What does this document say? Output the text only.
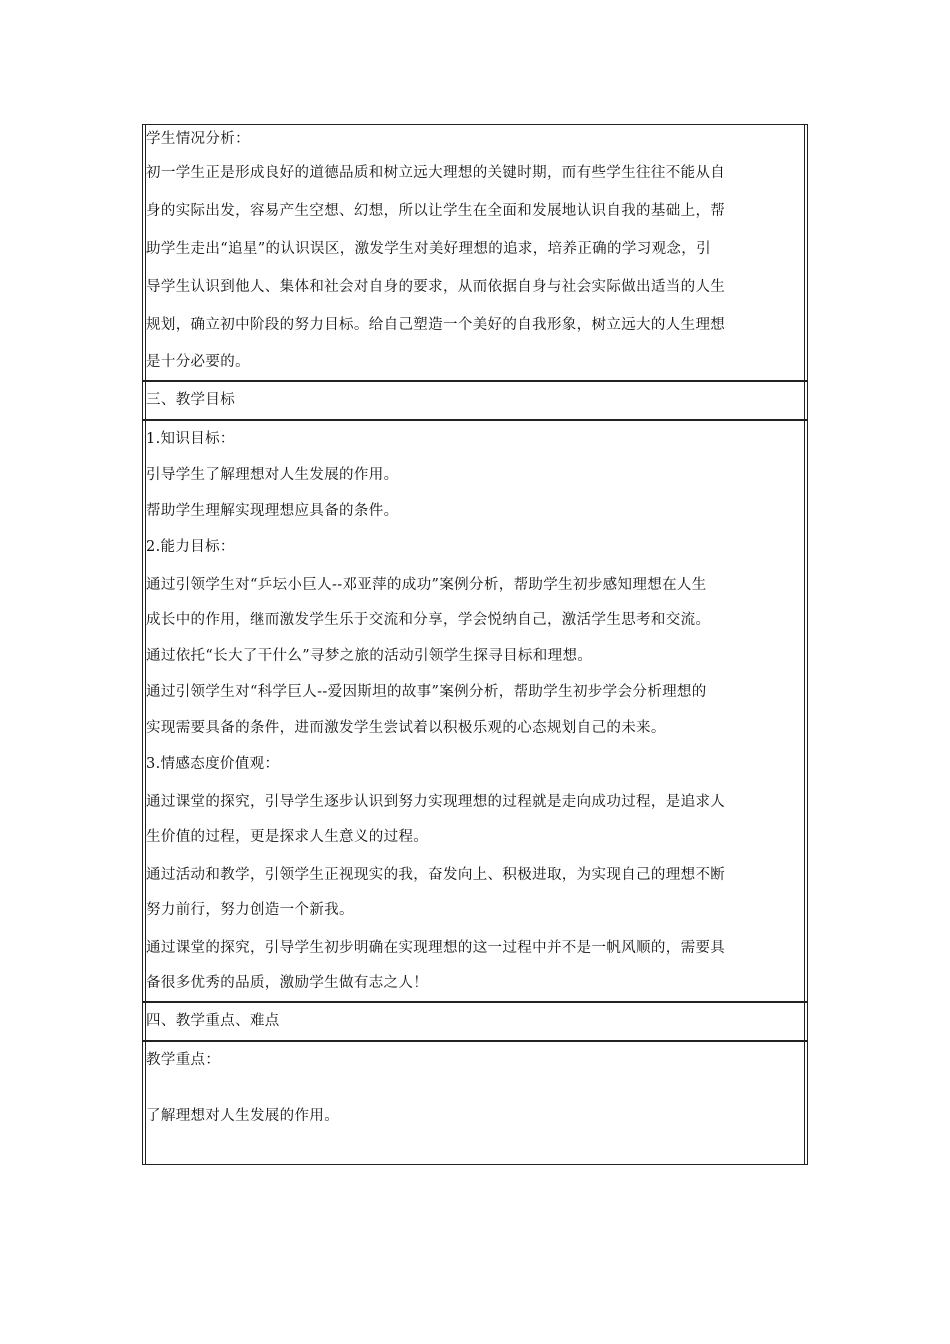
学生情况分析：
初一学生正是形成良好的道德品质和树立远大理想的关键时期，而有些学生往往不能从自
身的实际出发，容易产生空想、幻想，所以让学生在全面和发展地认识自我的基础上，帮
助学生走出“追星”的认识误区，激发学生对美好理想的追求，培养正确的学习观念，引
导学生认识到他人、集体和社会对自身的要求，从而依据自身与社会实际做出适当的人生
规划，确立初中阶段的努力目标。给自己塑造一个美好的自我形象，树立远大的人生理想
是十分必要的。
三、教学目标
1.知识目标：
引导学生了解理想对人生发展的作用。
帮助学生理解实现理想应具备的条件。
2.能力目标：
通过引领学生对“乒坛小巨人--邓亚萍的成功”案例分析，帮助学生初步感知理想在人生
成长中的作用，继而激发学生乐于交流和分享，学会悦纳自己，激活学生思考和交流。
通过依托“长大了干什么”寻梦之旅的活动引领学生探寻目标和理想。
通过引领学生对“科学巨人--爱因斯坦的故事”案例分析，帮助学生初步学会分析理想的
实现需要具备的条件，进而激发学生尝试着以积极乐观的心态规划自己的未来。
3.情感态度价值观：
通过课堂的探究，引导学生逐步认识到努力实现理想的过程就是走向成功过程，是追求人
生价值的过程，更是探求人生意义的过程。
通过活动和教学，引领学生正视现实的我，奋发向上、积极进取，为实现自己的理想不断
努力前行，努力创造一个新我。
通过课堂的探究，引导学生初步明确在实现理想的这一过程中并不是一帆风顺的，需要具
备很多优秀的品质，激励学生做有志之人！
四、教学重点、难点
教学重点：
了解理想对人生发展的作用。
